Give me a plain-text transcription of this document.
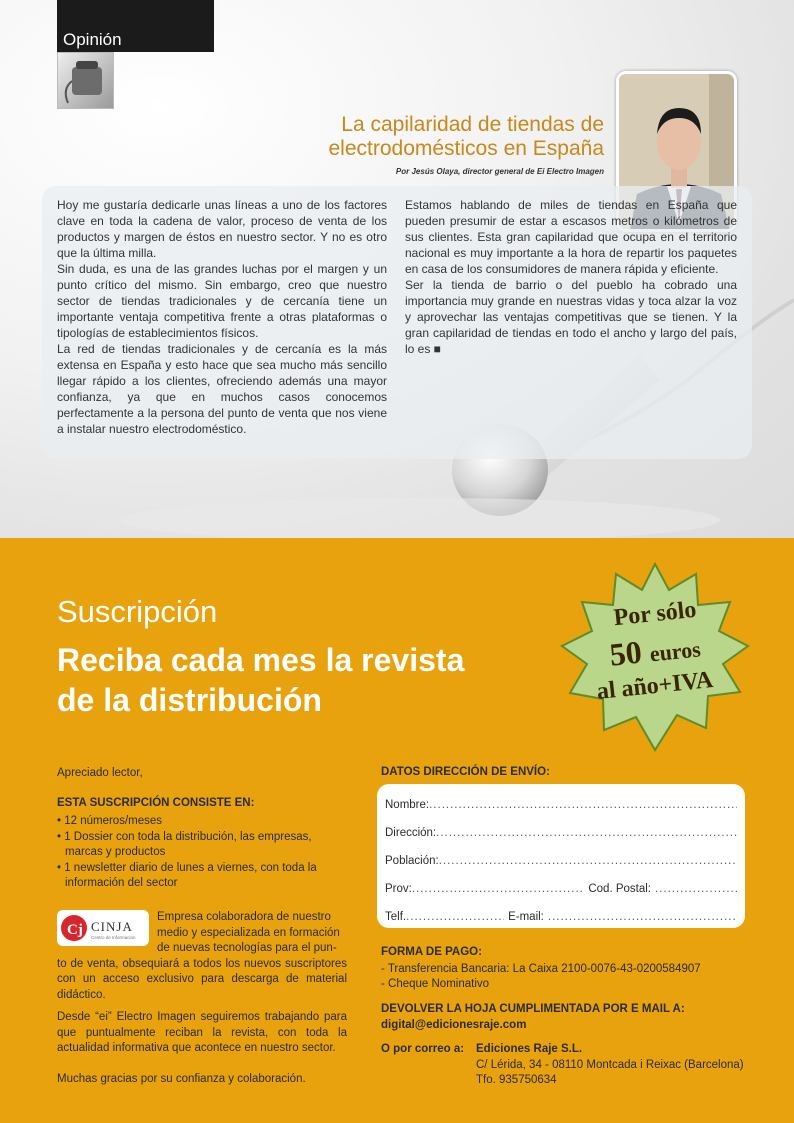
Opinión
La capilaridad de tiendas de
electrodomésticos en España
Por Jesús Olaya, director general de Ei Electro Imagen

Hoy me gustaría dedicarle unas líneas a uno de los factores clave en toda la cadena de valor, proceso de venta de los productos y margen de éstos en nuestro sector. Y no es otro que la última milla.

Sin duda, es una de las grandes luchas por el margen y un punto crítico del mismo. Sin embargo, creo que nuestro sector de tiendas tradicionales y de cercanía tiene un importante ventaja competitiva frente a otras plataformas o tipologías de establecimientos físicos.

La red de tiendas tradicionales y de cercanía es la más extensa en España y esto hace que sea mucho más sencillo llegar rápido a los clientes, ofreciendo además una mayor confianza, ya que en muchos casos conocemos perfectamente a la persona del punto de venta que nos viene a instalar nuestro electrodoméstico.

Estamos hablando de miles de tiendas en España que pueden presumir de estar a escasos metros o kilómetros de sus clientes. Esta gran capilaridad que ocupa en el territorio nacional es muy importante a la hora de repartir los paquetes en casa de los consumidores de manera rápida y eficiente.

Ser la tienda de barrio o del pueblo ha cobrado una importancia muy grande en nuestras vidas y toca alzar la voz y aprovechar las ventajas competitivas que se tienen. Y la gran capilaridad de tiendas en todo el ancho y largo del país, lo es ■

Suscripción
Reciba cada mes la revista
de la distribución
Por sólo
50 euros
al año+IVA
Apreciado lector,
ESTA SUSCRIPCIÓN CONSISTE EN:
• 12 números/meses
• 1 Dossier con toda la distribución, las empresas, marcas y productos
• 1 newsletter diario de lunes a viernes, con toda la información del sector
Empresa colaboradora de nuestro
medio y especializada en formación
de nuevas tecnologías para el pun-
to de venta, obsequiará a todos los nuevos suscriptores con un acceso exclusivo para descarga de material didáctico.
Cj CINJA
Centro de Información
Desde “ei” Electro Imagen seguiremos trabajando para que puntualmente reciban la revista, con toda la actualidad informativa que acontece en nuestro sector.
Muchas gracias por su confianza y colaboración.
DATOS DIRECCIÓN DE ENVÍO:
Nombre:
.....
Dirección:
.....
Población:
.....
Prov: .....	Cod. Postal:
.....
Telf. .....	E-mail:
.....
FORMA DE PAGO:
- Transferencia Bancaria: La Caixa 2100-0076-43-0200584907
- Cheque Nominativo
DEVOLVER LA HOJA CUMPLIMENTADA POR E MAIL A:
digital@edicionesraje.com
O por correo a: Ediciones Raje S.L.
C/ Lérida, 34 - 08110 Montcada i Reixac (Barcelona)
Tfo. 935750634
